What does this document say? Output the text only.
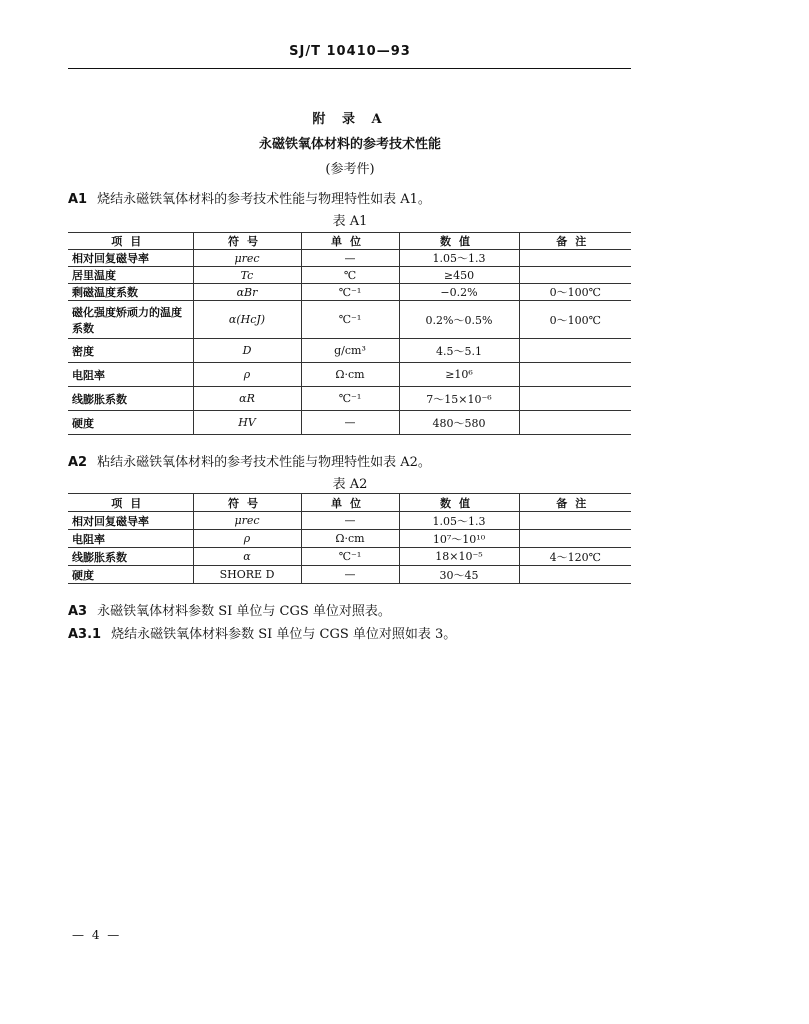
SJ/T 10410—93
附 录 A
永磁铁氧体材料的参考技术性能
(参考件)
A1 烧结永磁铁氧体材料的参考技术性能与物理特性如表 A1。
表 A1
项目	符号	单位	数值	备注
相对回复磁导率	μrec	—	1.05～1.3	
居里温度	Tc	℃	≥450	
剩磁温度系数	αBr	℃⁻¹	−0.2%	0～100℃
磁化强度矫顽力的温度系数	α(HcJ)	℃⁻¹	0.2%～0.5%	0～100℃
密度	D	g/cm³	4.5～5.1	
电阻率	ρ	Ω·cm	≥10⁶	
线膨胀系数	αR	℃⁻¹	7～15×10⁻⁶	
硬度	HV	—	480～580	
A2 粘结永磁铁氧体材料的参考技术性能与物理特性如表 A2。
表 A2
项目	符号	单位	数值	备注
相对回复磁导率	μrec	—	1.05～1.3	
电阻率	ρ	Ω·cm	10⁷～10¹⁰	
线膨胀系数	α	℃⁻¹	18×10⁻⁵	4～120℃
硬度	SHORE D	—	30～45	
A3 永磁铁氧体材料参数 SI 单位与 CGS 单位对照表。
A3.1 烧结永磁铁氧体材料参数 SI 单位与 CGS 单位对照如表 3。
— 4 —
